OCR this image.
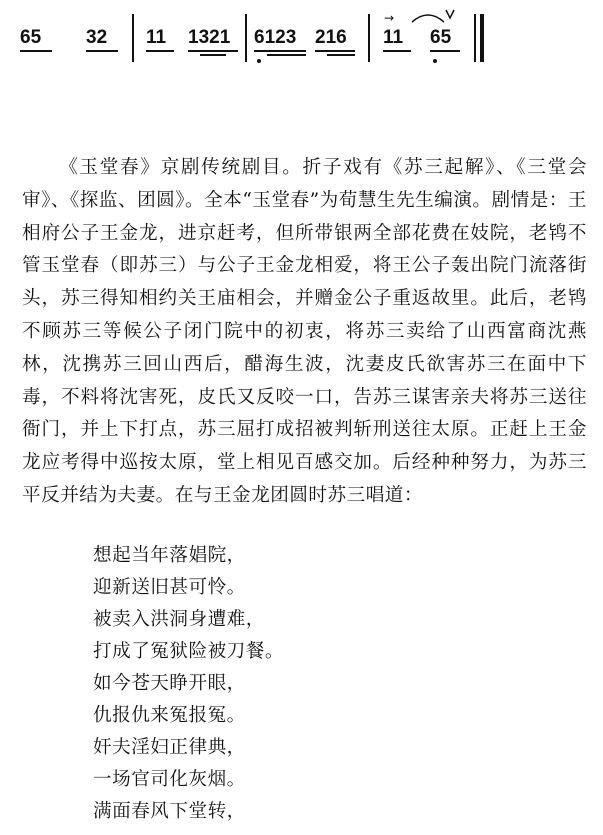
65 32 11 1321 6123 216
→
11 65

《玉堂春》京剧传统剧目。折子戏有《苏三起解》、《三堂会审》、《探监、团圆》。全本“玉堂春”为荀慧生先生编演。剧情是：王相府公子王金龙，进京赶考，但所带银两全部花费在妓院，老鸨不管玉堂春（即苏三）与公子王金龙相爱，将王公子轰出院门流落街头，苏三得知相约关王庙相会，并赠金公子重返故里。此后，老鸨不顾苏三等候公子闭门院中的初衷，将苏三卖给了山西富商沈燕林，沈携苏三回山西后，醋海生波，沈妻皮氏欲害苏三在面中下毒，不料将沈害死，皮氏又反咬一口，告苏三谋害亲夫将苏三送往衙门，并上下打点，苏三屈打成招被判斩刑送往太原。正赶上王金龙应考得中巡按太原，堂上相见百感交加。后经种种努力，为苏三平反并结为夫妻。在与王金龙团圆时苏三唱道：

想起当年落娼院，
迎新送旧甚可怜。
被卖入洪洞身遭难，
打成了冤狱险被刀餐。
如今苍天睁开眼，
仇报仇来冤报冤。
奸夫淫妇正律典，
一场官司化灰烟。
满面春风下堂转，
